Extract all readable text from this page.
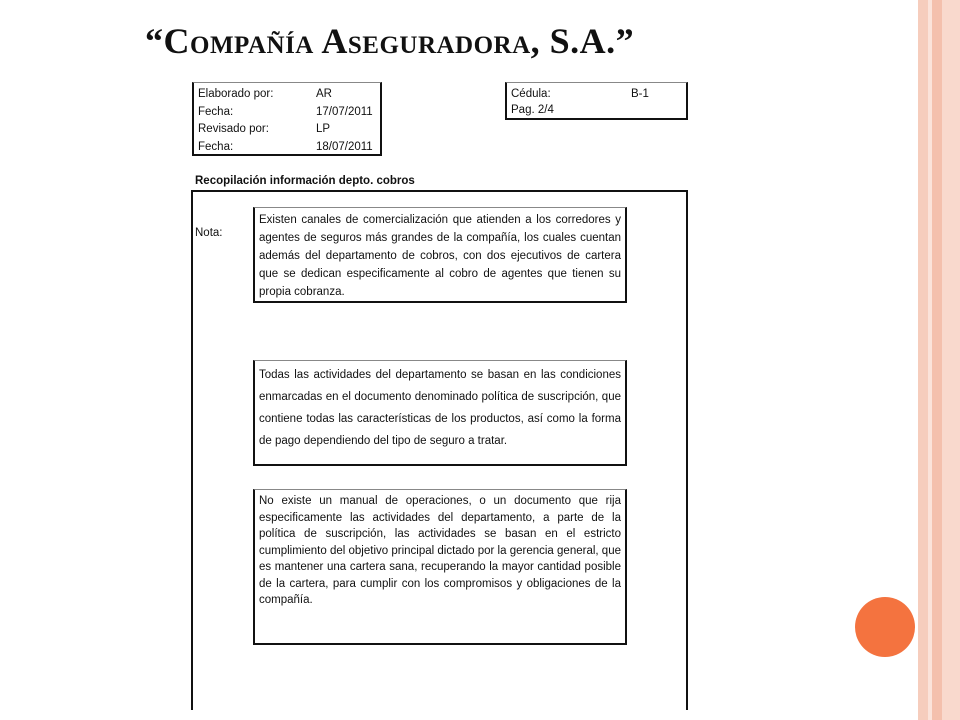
“Compañía Aseguradora, S.A.”
Elaborado por:	AR
Fecha:	17/07/2011
Revisado por:	LP
Fecha:	18/07/2011
Cédula:	B-1
Pag. 2/4
Recopilación información depto. cobros
Nota:
Existen canales de comercialización que atienden a los corredores y agentes de seguros más grandes de la compañía, los cuales cuentan además del departamento de cobros, con dos ejecutivos de cartera que se dedican especificamente al cobro de agentes que tienen su propia cobranza.
Todas las actividades del departamento se basan en las condiciones enmarcadas en el documento denominado política de suscripción, que contiene todas las características de los productos, así como la forma de pago dependiendo del tipo de seguro a tratar.
No existe un manual de operaciones, o un documento que rija especificamente las actividades del departamento, a parte de la política de suscripción, las actividades se basan en el estricto cumplimiento del objetivo principal dictado por la gerencia general, que es mantener una cartera sana, recuperando la mayor cantidad posible de la cartera, para cumplir con los compromisos y obligaciones de la compañía.
